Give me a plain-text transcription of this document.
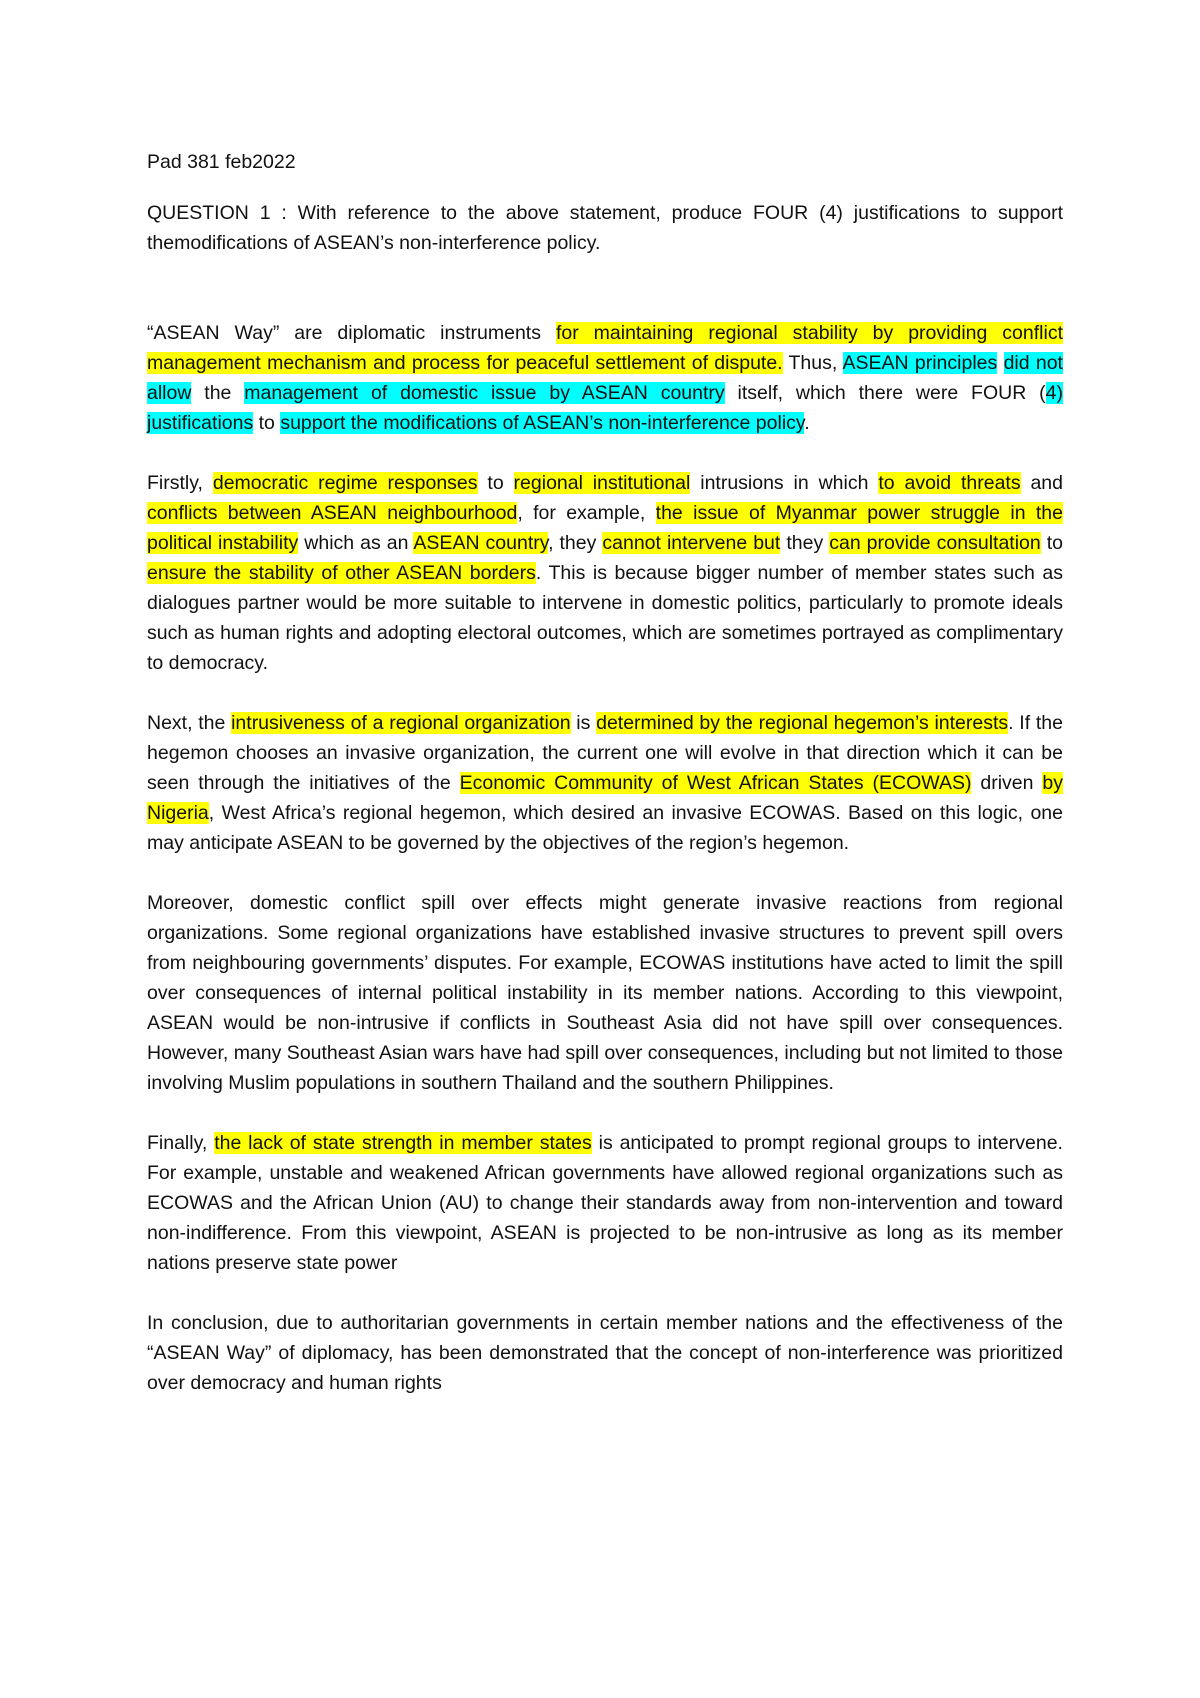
Pad 381 feb2022

QUESTION 1 : With reference to the above statement, produce FOUR (4) justifications to support themodifications of ASEAN’s non-interference policy.

“ASEAN Way” are diplomatic instruments for maintaining regional stability by providing conflict management mechanism and process for peaceful settlement of dispute. Thus, ASEAN principles did not allow the management of domestic issue by ASEAN country itself, which there were FOUR (4) justifications to support the modifications of ASEAN’s non-interference policy.

Firstly, democratic regime responses to regional institutional intrusions in which to avoid threats and conflicts between ASEAN neighbourhood, for example, the issue of Myanmar power struggle in the political instability which as an ASEAN country, they cannot intervene but they can provide consultation to ensure the stability of other ASEAN borders. This is because bigger number of member states such as dialogues partner would be more suitable to intervene in domestic politics, particularly to promote ideals such as human rights and adopting electoral outcomes, which are sometimes portrayed as complimentary to democracy.

Next, the intrusiveness of a regional organization is determined by the regional hegemon’s interests. If the hegemon chooses an invasive organization, the current one will evolve in that direction which it can be seen through the initiatives of the Economic Community of West African States (ECOWAS) driven by Nigeria, West Africa’s regional hegemon, which desired an invasive ECOWAS. Based on this logic, one may anticipate ASEAN to be governed by the objectives of the region’s hegemon.

Moreover, domestic conflict spill over effects might generate invasive reactions from regional organizations. Some regional organizations have established invasive structures to prevent spill overs from neighbouring governments’ disputes. For example, ECOWAS institutions have acted to limit the spill over consequences of internal political instability in its member nations. According to this viewpoint, ASEAN would be non-intrusive if conflicts in Southeast Asia did not have spill over consequences. However, many Southeast Asian wars have had spill over consequences, including but not limited to those involving Muslim populations in southern Thailand and the southern Philippines.

Finally, the lack of state strength in member states is anticipated to prompt regional groups to intervene. For example, unstable and weakened African governments have allowed regional organizations such as ECOWAS and the African Union (AU) to change their standards away from non-intervention and toward non-indifference. From this viewpoint, ASEAN is projected to be non-intrusive as long as its member nations preserve state power

In conclusion, due to authoritarian governments in certain member nations and the effectiveness of the “ASEAN Way” of diplomacy, has been demonstrated that the concept of non-interference was prioritized over democracy and human rights
